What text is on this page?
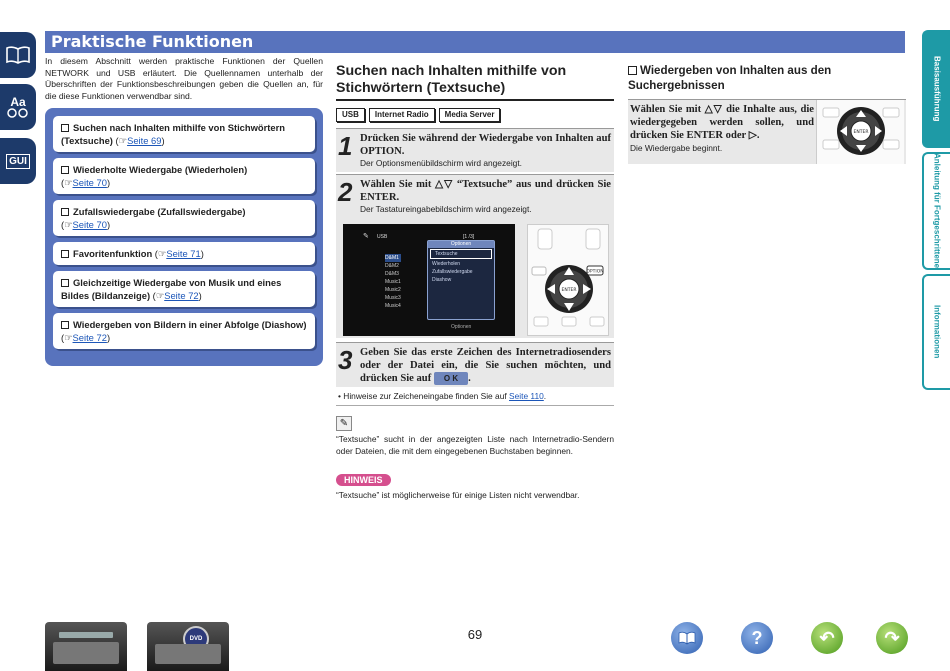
Aa
GUI
Praktische Funktionen

In diesem Abschnitt werden praktische Funktionen der Quellen NETWORK und USB erläutert. Die Quellennamen unterhalb der Überschriften der Funktionsbeschreibungen geben die Quellen an, für die diese Funktionen verwendbar sind.

Suchen nach Inhalten mithilfe von Stichwörtern (Textsuche) (☞Seite 69)
Wiederholte Wiedergabe (Wiederholen)
(☞Seite 70)
Zufallswiedergabe (Zufallswiedergabe)
(☞Seite 70)
Favoritenfunktion (☞Seite 71)
Gleichzeitige Wiedergabe von Musik und eines Bildes (Bildanzeige) (☞Seite 72)
Wiedergeben von Bildern in einer Abfolge (Diashow) (☞Seite 72)
Suchen nach Inhalten mithilfe von Stichwörtern (Textsuche)
USB	Internet Radio	Media Server
1 Drücken Sie während der Wiedergabe von Inhalten auf OPTION.
Der Optionsmenübildschirm wird angezeigt.
2 Wählen Sie mit △▽ “Textsuche” aus und drücken Sie ENTER.
Der Tastatureingabebildschirm wird angezeigt.
✎ USB	[1 /3]
D&M1
D&M2
D&M3
Music1
Music2
Music3
Music4
Optionen
Textsuche
Wiederholen
Zufallswiedergabe
Diashow
Optionen
OPTION
ENTER
3 Geben Sie das erste Zeichen des Internetradiosenders oder der Datei ein, die Sie suchen möchten, und drücken Sie auf O K .
• Hinweise zur Zeicheneingabe finden Sie auf Seite 110.
✎

“Textsuche” sucht in der angezeigten Liste nach Internetradio-Sendern oder Dateien, die mit dem eingegebenen Buchstaben beginnen.

HINWEIS

“Textsuche” ist möglicherweise für einige Listen nicht verwendbar.

Wiedergeben von Inhalten aus den Suchergebnissen
Wählen Sie mit △▽ die Inhalte aus, die wiedergegeben werden sollen, und drücken Sie ENTER oder ▷.
Die Wiedergabe beginnt.
ENTER
Basisausführung
Anleitung für Fortgeschrittene
Informationen
69
DVD	?	↶	↷
